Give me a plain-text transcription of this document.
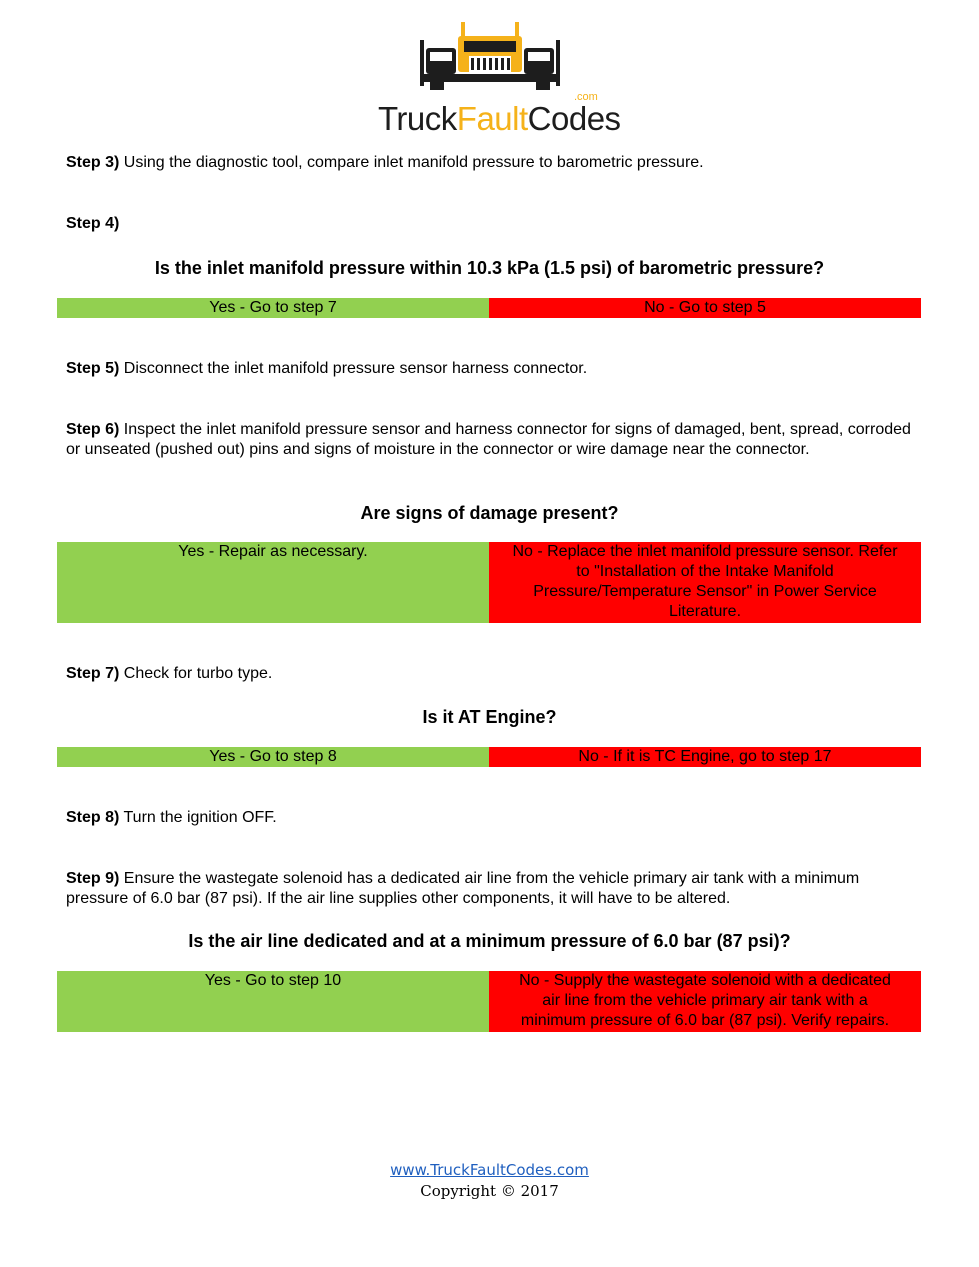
TruckFaultCodes
.com
Step 3) Using the diagnostic tool, compare inlet manifold pressure to barometric pressure.
Step 4)
Is the inlet manifold pressure within 10.3 kPa (1.5 psi) of barometric pressure?
Yes - Go to step 7	No - Go to step 5
Step 5) Disconnect the inlet manifold pressure sensor harness connector.
Step 6) Inspect the inlet manifold pressure sensor and harness connector for signs of damaged, bent, spread, corroded or unseated (pushed out) pins and signs of moisture in the connector or wire damage near the connector.
Are signs of damage present?
Yes - Repair as necessary.	No - Replace the inlet manifold pressure sensor. Refer to "Installation of the Intake Manifold Pressure/Temperature Sensor" in Power Service Literature.
Step 7) Check for turbo type.
Is it AT Engine?
Yes - Go to step 8	No - If it is TC Engine, go to step 17
Step 8) Turn the ignition OFF.
Step 9) Ensure the wastegate solenoid has a dedicated air line from the vehicle primary air tank with a minimum pressure of 6.0 bar (87 psi). If the air line supplies other components, it will have to be altered.
Is the air line dedicated and at a minimum pressure of 6.0 bar (87 psi)?
Yes - Go to step 10	No - Supply the wastegate solenoid with a dedicated air line from the vehicle primary air tank with a minimum pressure of 6.0 bar (87 psi). Verify repairs.
www.TruckFaultCodes.com
Copyright © 2017
